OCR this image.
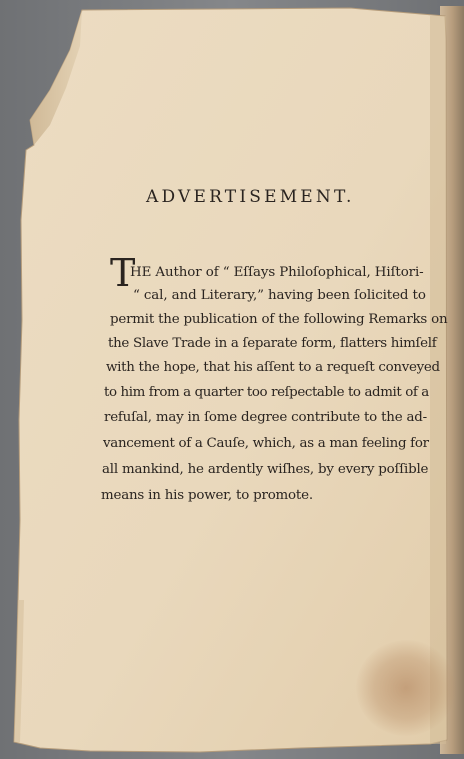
ADVERTISEMENT.
T
HE Author of “ Eſſays Philoſophical, Hiſtori-
“ cal, and Literary,” having been ſolicited to
permit the publication of the following Remarks on
the Slave Trade in a ſeparate form, flatters himſelf
with the hope, that his aſſent to a requeſt conveyed
to him from a quarter too reſpectable to admit of a
refuſal, may in ſome degree contribute to the ad-
vancement of a Cauſe, which, as a man feeling for
all mankind, he ardently wiſhes, by every poſſible
means in his power, to promote.
